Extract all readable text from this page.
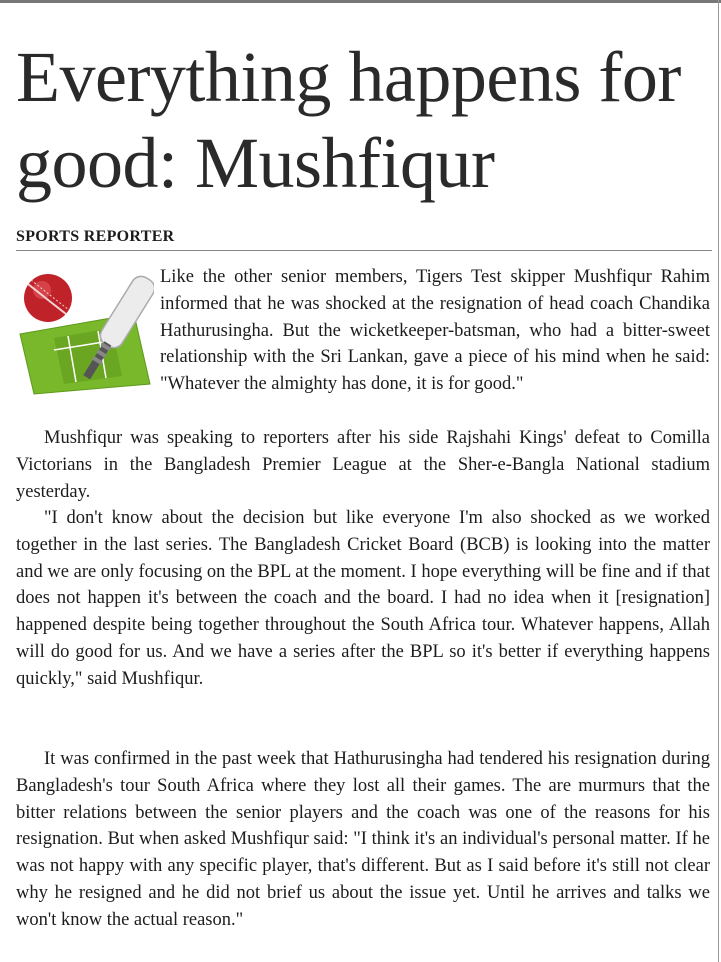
Everything happens for good: Mushfiqur
SPORTS REPORTER

Like the other senior members, Tigers Test skipper Mushfiqur Rahim informed that he was shocked at the resignation of head coach Chandika Hathurusingha. But the wicketkeeper-batsman, who had a bitter-sweet relationship with the Sri Lankan, gave a piece of his mind when he said: "Whatever the almighty has done, it is for good."

Mushfiqur was speaking to reporters after his side Rajshahi Kings' defeat to Comilla Victorians in the Bangladesh Premier League at the Sher-e-Bangla National stadium yesterday.

"I don't know about the decision but like everyone I'm also shocked as we worked together in the last series. The Bangladesh Cricket Board (BCB) is looking into the matter and we are only focusing on the BPL at the moment. I hope everything will be fine and if that does not happen it's between the coach and the board. I had no idea when it [resignation] happened despite being together throughout the South Africa tour. Whatever happens, Allah will do good for us. And we have a series after the BPL so it's better if everything happens quickly," said Mushfiqur.

It was confirmed in the past week that Hathurusingha had tendered his resignation during Bangladesh's tour South Africa where they lost all their games. The are murmurs that the bitter relations between the senior players and the coach was one of the reasons for his resignation. But when asked Mushfiqur said: "I think it's an individual's personal matter. If he was not happy with any specific player, that's different. But as I said before it's still not clear why he resigned and he did not brief us about the issue yet. Until he arrives and talks we won't know the actual reason."
